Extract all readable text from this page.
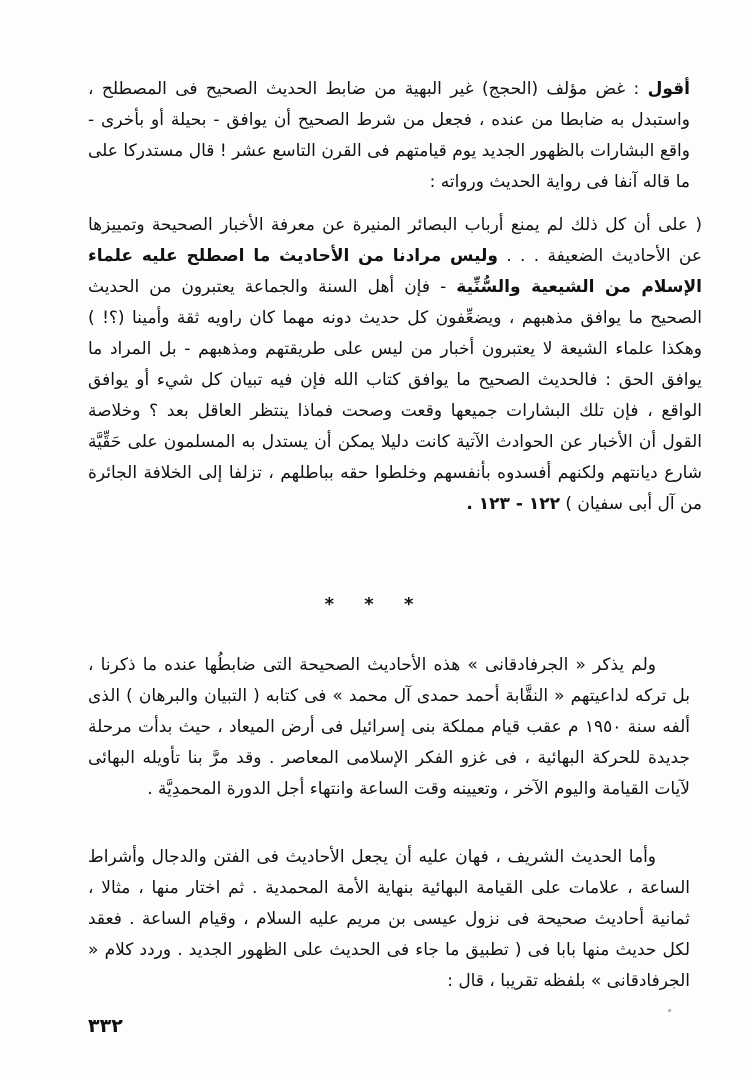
أقول : غض مؤلف (الحجج) غير البهية من ضابط الحديث الصحيح فى المصطلح ، واستبدل به ضابطا من عنده ، فجعل من شرط الصحيح أن يوافق - بحيلة أو بأخرى - واقع البشارات بالظهور الجديد يوم قيامتهم فى القرن التاسع عشر ! قال مستدركا على ما قاله آنفا فى رواية الحديث ورواته :

( على أن كل ذلك لم يمنع أرباب البصائر المنيرة عن معرفة الأخبار الصحيحة وتمييزها عن الأحاديث الضعيفة . . . وليس مرادنا من الأحاديث ما اصطلح عليه علماء الإسلام من الشيعية والسُّنِّية - فإن أهل السنة والجماعة يعتبرون من الحديث الصحيح ما يوافق مذهبهم ، ويضعِّفون كل حديث دونه مهما كان راويه ثقة وأمينا (؟! ) وهكذا علماء الشيعة لا يعتبرون أخبار من ليس على طريقتهم ومذهبهم - بل المراد ما يوافق الحق : فالحديث الصحيح ما يوافق كتاب الله فإن فيه تبيان كل شيء أو يوافق الواقع ، فإن تلك البشارات جميعها وقعت وصحت فماذا ينتظر العاقل بعد ؟ وخلاصة القول أن الأخبار عن الحوادث الآتية كانت دليلا يمكن أن يستدل به المسلمون على حَقِّيَّة شارع ديانتهم ولكنهم أفسدوه بأنفسهم وخلطوا حقه بباطلهم ، تزلفا إلى الخلافة الجائرة من آل أبى سفيان ) ١٢٢ - ١٢٣ .

* * *

ولم يذكر « الجرفادقانى » هذه الأحاديث الصحيحة التى ضابطُها عنده ما ذكرنا ، بل تركه لداعيتهم « النقَّابة أحمد حمدى آل محمد » فى كتابه ( التبيان والبرهان ) الذى ألفه سنة ١٩٥٠ م عقب قيام مملكة بنى إسرائيل فى أرض الميعاد ، حيث بدأت مرحلة جديدة للحركة البهائية ، فى غزو الفكر الإسلامى المعاصر . وقد مرَّ بنا تأويله البهائى لآيات القيامة واليوم الآخر ، وتعيينه وقت الساعة وانتهاء أجل الدورة المحمدِيَّة .

وأما الحديث الشريف ، فهان عليه أن يجعل الأحاديث فى الفتن والدجال وأشراط الساعة ، علامات على القيامة البهائية بنهاية الأمة المحمدية . ثم اختار منها ، مثالا ، ثمانية أحاديث صحيحة فى نزول عيسى بن مريم عليه السلام ، وقيام الساعة . فعقد لكل حديث منها بابا فى ( تطبيق ما جاء فى الحديث على الظهور الجديد . وردد كلام « الجرفادقانى » بلفظه تقريبا ، قال :

ᵉ
٣٣٢
